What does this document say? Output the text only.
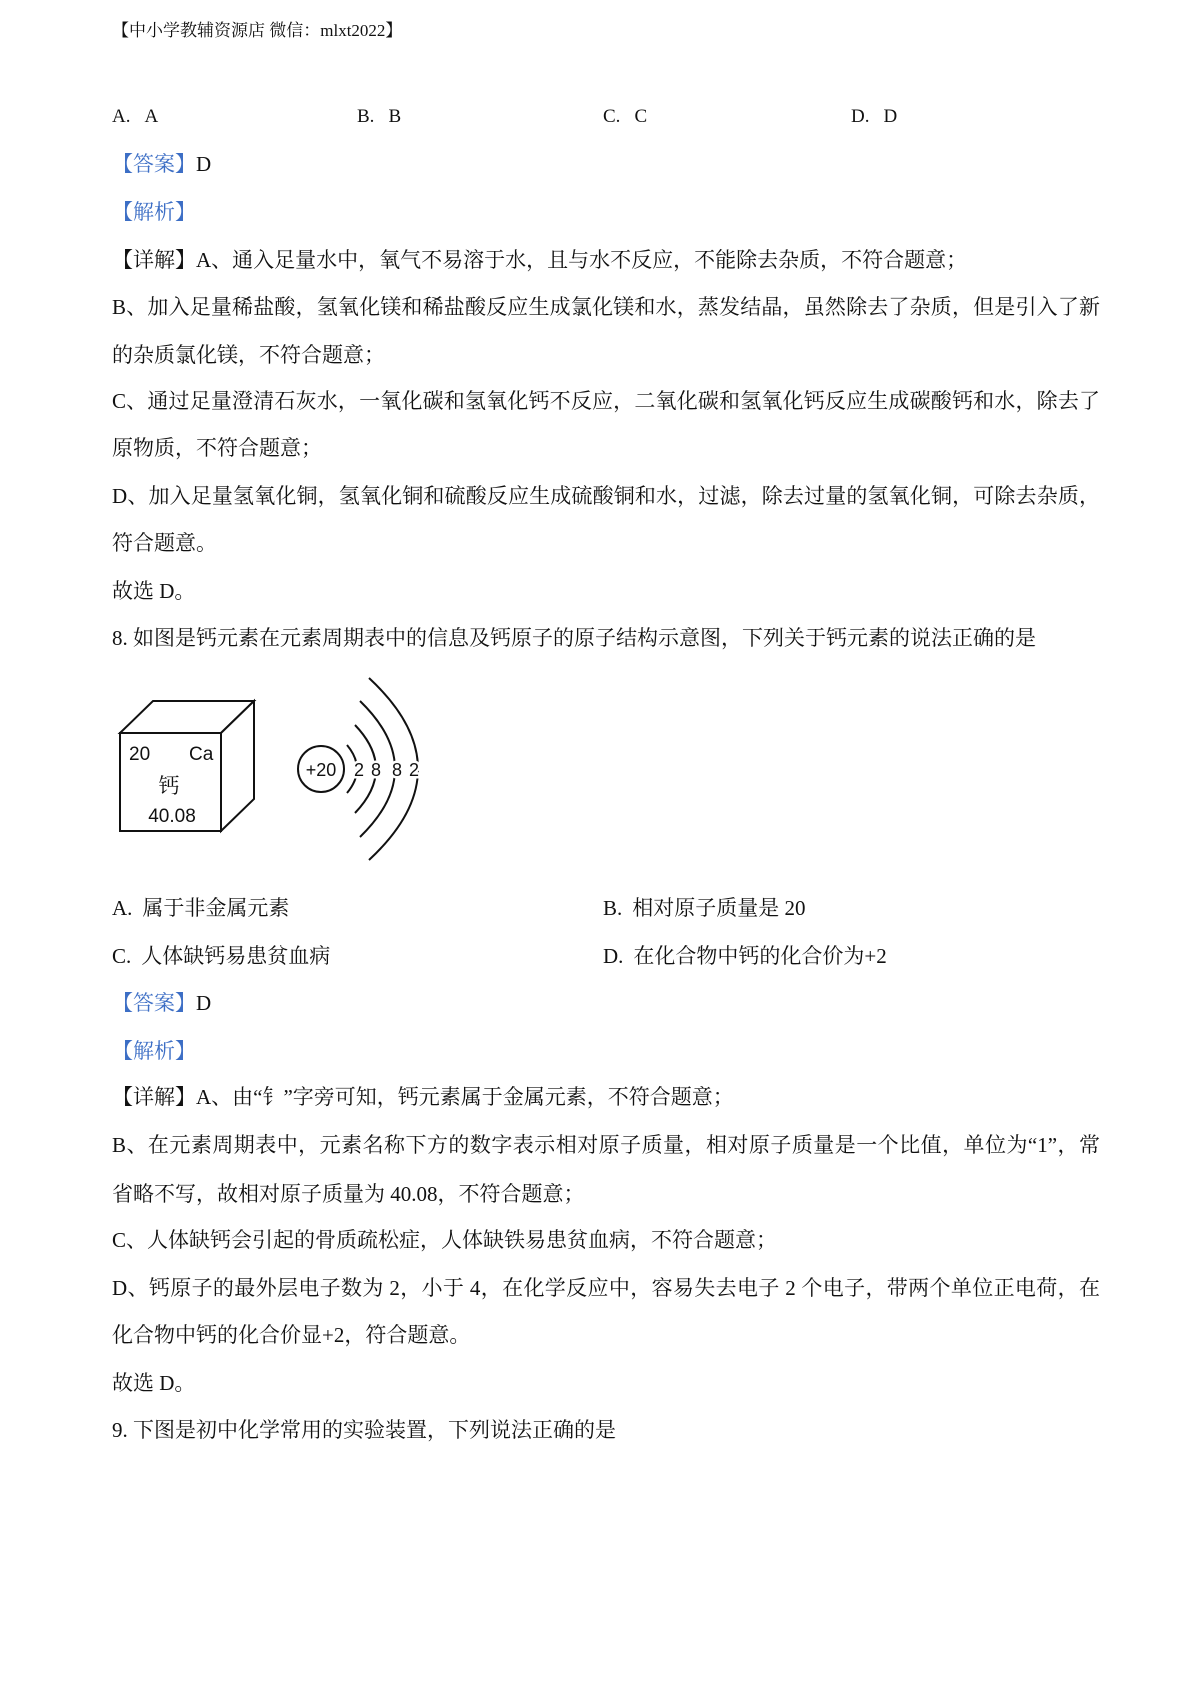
【中小学教辅资源店 微信：mlxt2022】
A. A	B. B	C. C	D. D
【答案】D
【解析】
【详解】A、通入足量水中，氧气不易溶于水，且与水不反应，不能除去杂质，不符合题意；
B、加入足量稀盐酸，氢氧化镁和稀盐酸反应生成氯化镁和水，蒸发结晶，虽然除去了杂质，但是引入了新
的杂质氯化镁，不符合题意；
C、通过足量澄清石灰水，一氧化碳和氢氧化钙不反应，二氧化碳和氢氧化钙反应生成碳酸钙和水，除去了
原物质，不符合题意；
D、加入足量氢氧化铜，氢氧化铜和硫酸反应生成硫酸铜和水，过滤，除去过量的氢氧化铜，可除去杂质，
符合题意。
故选 D。
8. 如图是钙元素在元素周期表中的信息及钙原子的原子结构示意图，下列关于钙元素的说法正确的是
20 Ca
钙
40.08
+20 2 8 8 2
A. 属于非金属元素	B. 相对原子质量是 20
C. 人体缺钙易患贫血病	D. 在化合物中钙的化合价为+2
【答案】D
【解析】
【详解】A、由“钅”字旁可知，钙元素属于金属元素，不符合题意；
B、在元素周期表中，元素名称下方的数字表示相对原子质量，相对原子质量是一个比值，单位为“1”，常
省略不写，故相对原子质量为 40.08，不符合题意；
C、人体缺钙会引起的骨质疏松症，人体缺铁易患贫血病，不符合题意；
D、钙原子的最外层电子数为 2，小于 4，在化学反应中，容易失去电子 2 个电子，带两个单位正电荷，在
化合物中钙的化合价显+2，符合题意。
故选 D。
9. 下图是初中化学常用的实验装置，下列说法正确的是
